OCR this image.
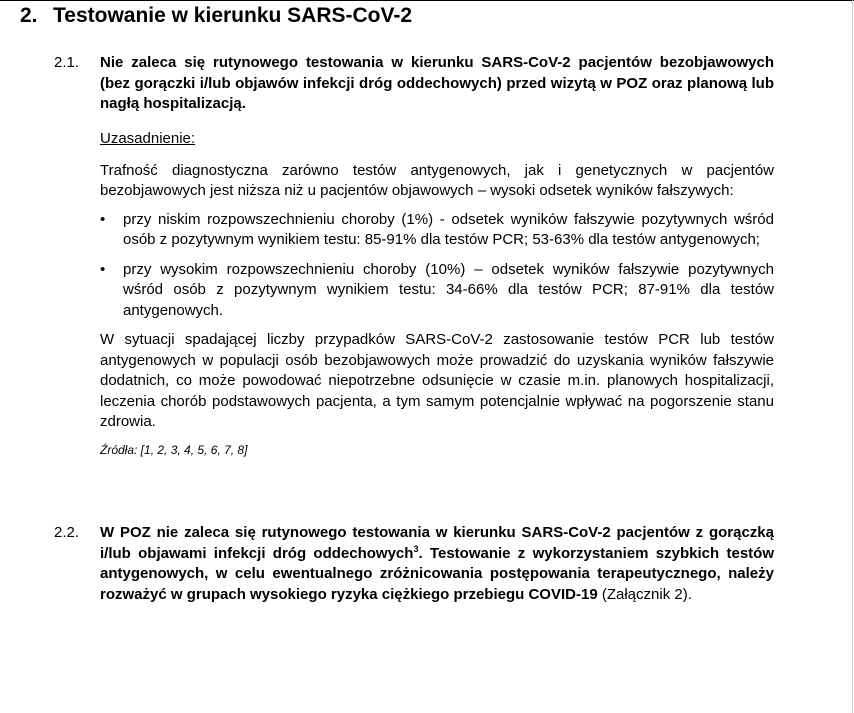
2. Testowanie w kierunku SARS-CoV-2
2.1. Nie zaleca się rutynowego testowania w kierunku SARS-CoV-2 pacjentów bezobjawowych (bez gorączki i/lub objawów infekcji dróg oddechowych) przed wizytą w POZ oraz planową lub nagłą hospitalizacją.

Uzasadnienie:

Trafność diagnostyczna zarówno testów antygenowych, jak i genetycznych w pacjentów bezobjawowych jest niższa niż u pacjentów objawowych – wysoki odsetek wyników fałszywych:

• przy niskim rozpowszechnieniu choroby (1%) - odsetek wyników fałszywie pozytywnych wśród osób z pozytywnym wynikiem testu: 85-91% dla testów PCR; 53-63% dla testów antygenowych;
• przy wysokim rozpowszechnieniu choroby (10%) – odsetek wyników fałszywie pozytywnych wśród osób z pozytywnym wynikiem testu: 34-66% dla testów PCR; 87-91% dla testów antygenowych.

W sytuacji spadającej liczby przypadków SARS-CoV-2 zastosowanie testów PCR lub testów antygenowych w populacji osób bezobjawowych może prowadzić do uzyskania wyników fałszywie dodatnich, co może powodować niepotrzebne odsunięcie w czasie m.in. planowych hospitalizacji, leczenia chorób podstawowych pacjenta, a tym samym potencjalnie wpływać na pogorszenie stanu zdrowia.

Źródła: [1, 2, 3, 4, 5, 6, 7, 8]

2.2. W POZ nie zaleca się rutynowego testowania w kierunku SARS-CoV-2 pacjentów z gorączką i/lub objawami infekcji dróg oddechowych$^3$. Testowanie z wykorzystaniem szybkich testów antygenowych, w celu ewentualnego zróżnicowania postępowania terapeutycznego, należy rozważyć w grupach wysokiego ryzyka ciężkiego przebiegu COVID-19 (Załącznik 2).
